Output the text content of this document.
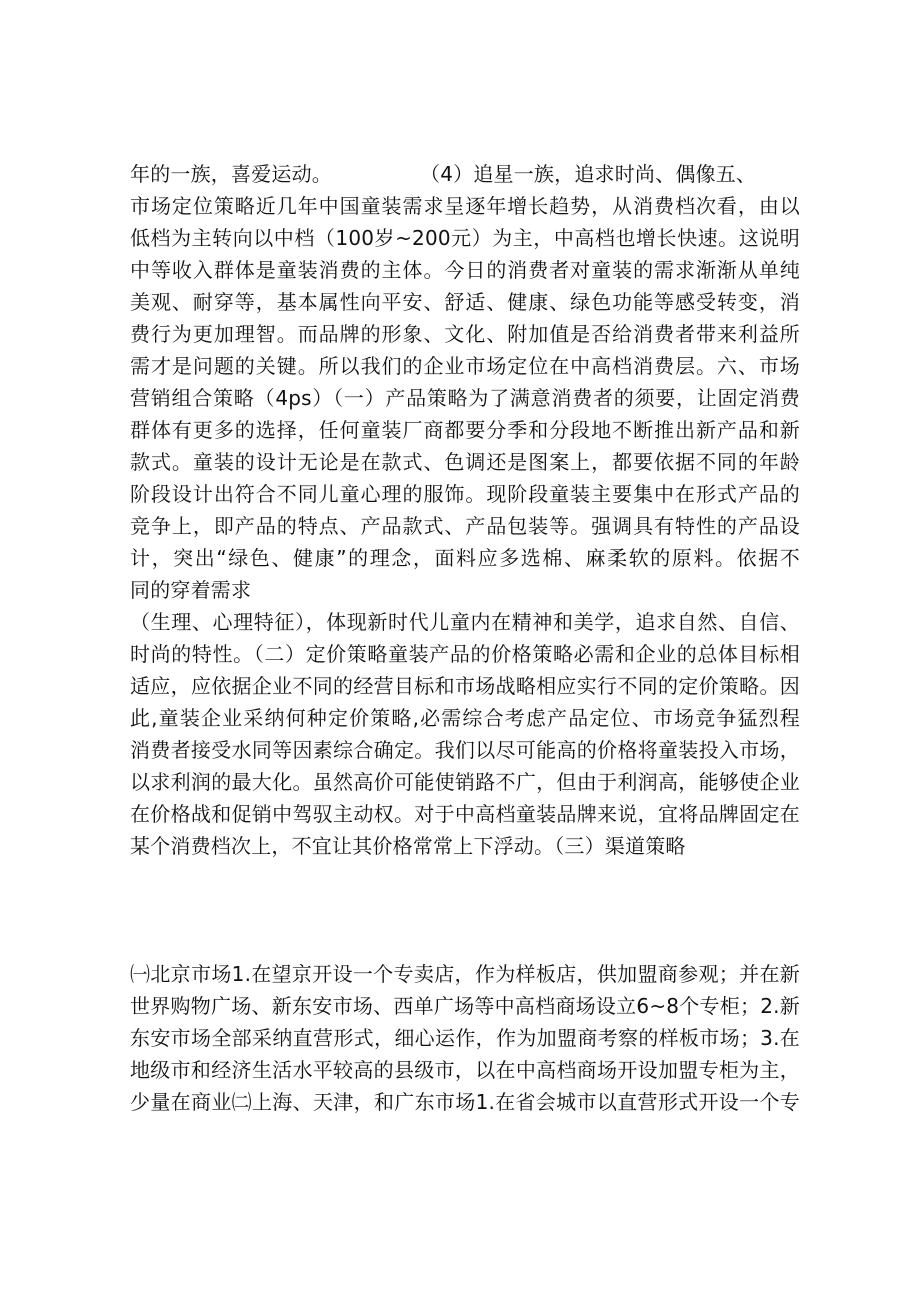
年的一族，喜爱运动。	（4）追星一族，追求时尚、偶像五、
市场定位策略近几年中国童装需求呈逐年增长趋势，从消费档次看，由以
低档为主转向以中档（100岁~200元）为主，中高档也增长快速。这说明
中等收入群体是童装消费的主体。今日的消费者对童装的需求渐渐从单纯
美观、耐穿等，基本属性向平安、舒适、健康、绿色功能等感受转变，消
费行为更加理智。而品牌的形象、文化、附加值是否给消费者带来利益所
需才是问题的关键。所以我们的企业市场定位在中高档消费层。六、市场
营销组合策略（4ps）（一）产品策略为了满意消费者的须要，让固定消费
群体有更多的选择，任何童装厂商都要分季和分段地不断推出新产品和新
款式。童装的设计无论是在款式、色调还是图案上，都要依据不同的年龄
阶段设计出符合不同儿童心理的服饰。现阶段童装主要集中在形式产品的
竞争上，即产品的特点、产品款式、产品包装等。强调具有特性的产品设
计，突出“绿色、健康”的理念，面料应多选棉、麻柔软的原料。依据不
同的穿着需求
（生理、心理特征），体现新时代儿童内在精神和美学，追求自然、自信、
时尚的特性。（二）定价策略童装产品的价格策略必需和企业的总体目标相
适应，应依据企业不同的经营目标和市场战略相应实行不同的定价策略。因
此,童装企业采纳何种定价策略,必需综合考虑产品定位、市场竞争猛烈程
消费者接受水同等因素综合确定。我们以尽可能高的价格将童装投入市场，
以求利润的最大化。虽然高价可能使销路不广，但由于利润高，能够使企业
在价格战和促销中驾驭主动权。对于中高档童装品牌来说，宜将品牌固定在
某个消费档次上，不宜让其价格常常上下浮动。（三）渠道策略
㈠北京市场1.在望京开设一个专卖店，作为样板店，供加盟商参观；并在新
世界购物广场、新东安市场、西单广场等中高档商场设立6~8个专柜；2.新
东安市场全部采纳直营形式，细心运作，作为加盟商考察的样板市场；3.在
地级市和经济生活水平较高的县级市，以在中高档商场开设加盟专柜为主，
少量在商业㈡上海、天津，和广东市场1.在省会城市以直营形式开设一个专
